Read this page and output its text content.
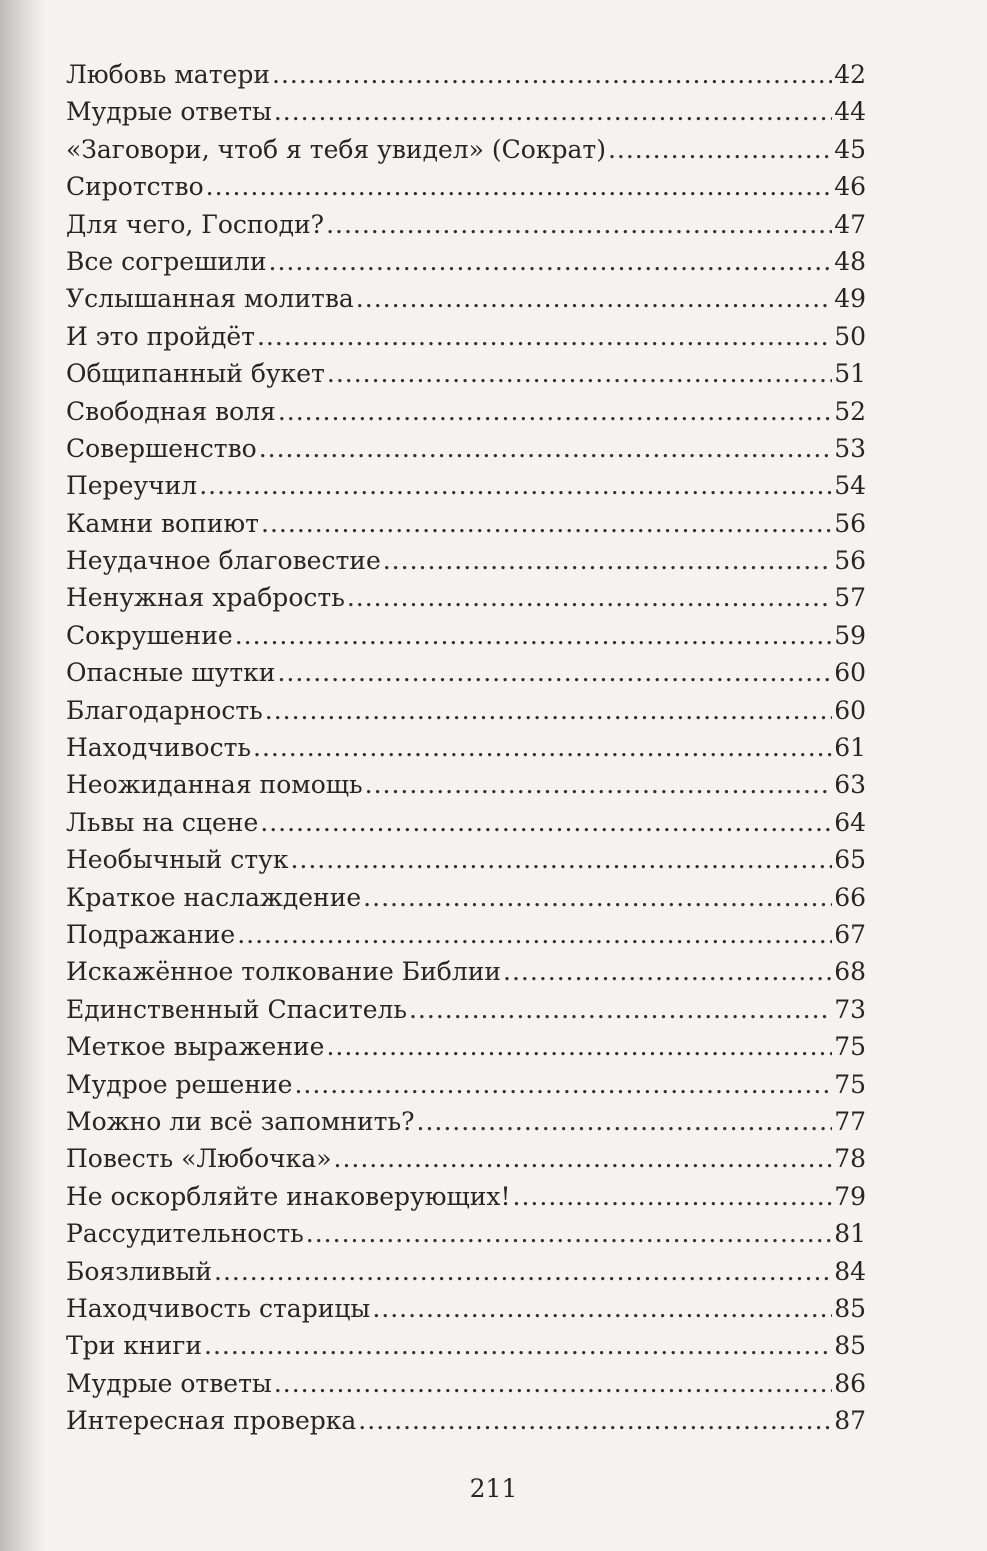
Любовь матери .....	42
Мудрые ответы .....	44
«Заговори, чтоб я тебя увидел» (Сократ) .....	45
Сиротство .....	46
Для чего, Господи? .....	47
Все согрешили .....	48
Услышанная молитва .....	49
И это пройдёт .....	50
Общипанный букет .....	51
Свободная воля .....	52
Совершенство .....	53
Переучил .....	54
Камни вопиют .....	56
Неудачное благовестие .....	56
Ненужная храбрость .....	57
Сокрушение .....	59
Опасные шутки .....	60
Благодарность .....	60
Находчивость .....	61
Неожиданная помощь .....	63
Львы на сцене .....	64
Необычный стук .....	65
Краткое наслаждение .....	66
Подражание .....	67
Искажённое толкование Библии .....	68
Единственный Спаситель .....	73
Меткое выражение .....	75
Мудрое решение .....	75
Можно ли всё запомнить? .....	77
Повесть «Любочка» .....	78
Не оскорбляйте инаковерующих! .....	79
Рассудительность .....	81
Боязливый .....	84
Находчивость старицы .....	85
Три книги .....	85
Мудрые ответы .....	86
Интересная проверка .....	87
211
